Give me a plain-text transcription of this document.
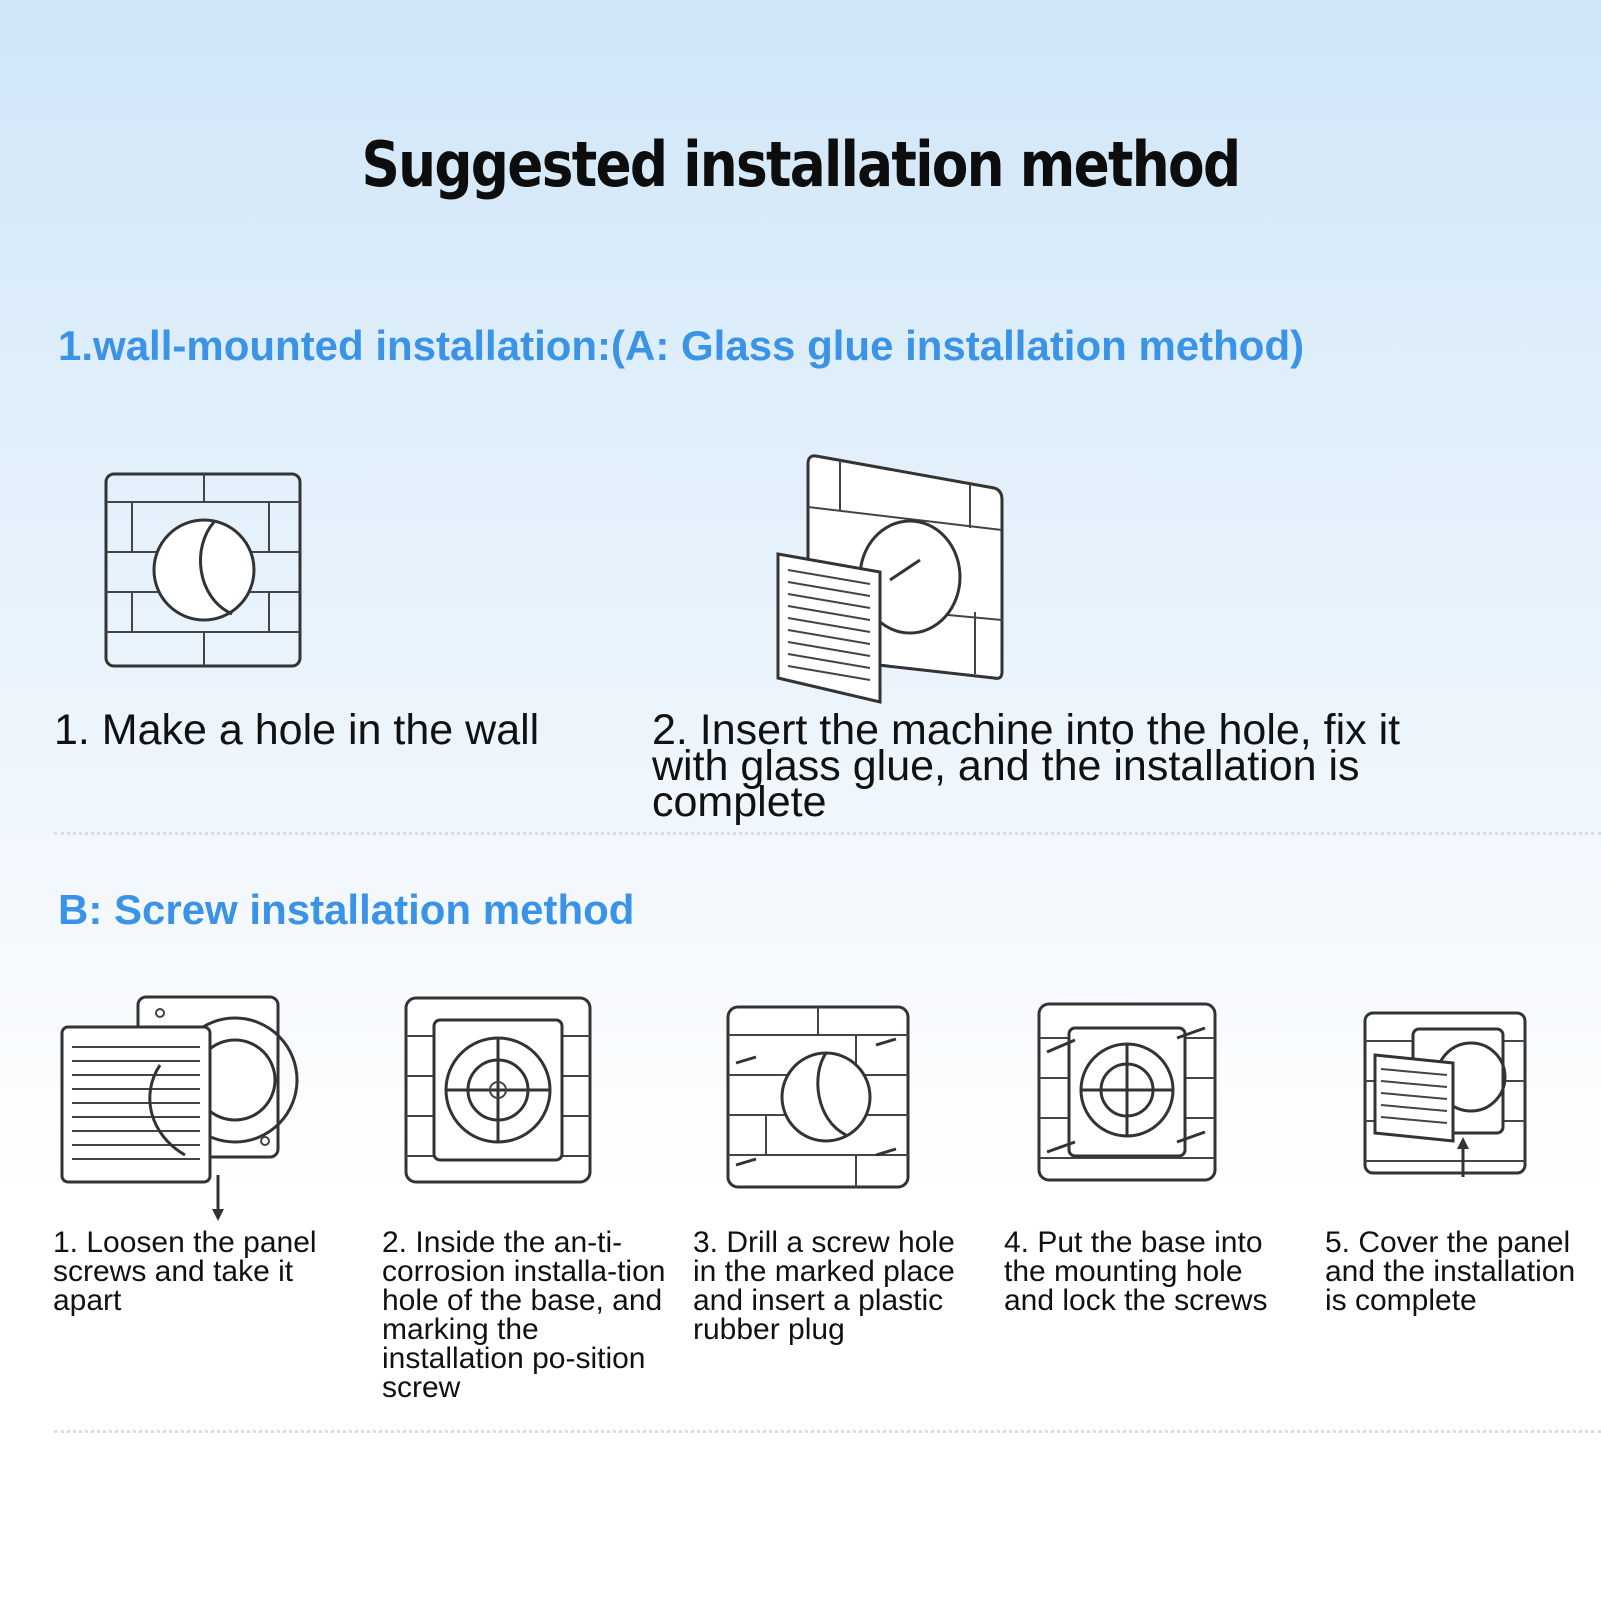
Suggested installation method
1.wall-mounted installation:(A: Glass glue installation method)

1. Make a hole in the wall	2. Insert the machine into the hole, fix it with glass glue, and the installation is complete

B: Screw installation method

1. Loosen the panel screws and take it apart

2. Inside the an-ti-corrosion installa-tion hole of the base, and marking the installation po-sition screw

3. Drill a screw hole in the marked place and insert a plastic rubber plug

4. Put the base into the mounting hole and lock the screws

5. Cover the panel and the installation is complete
